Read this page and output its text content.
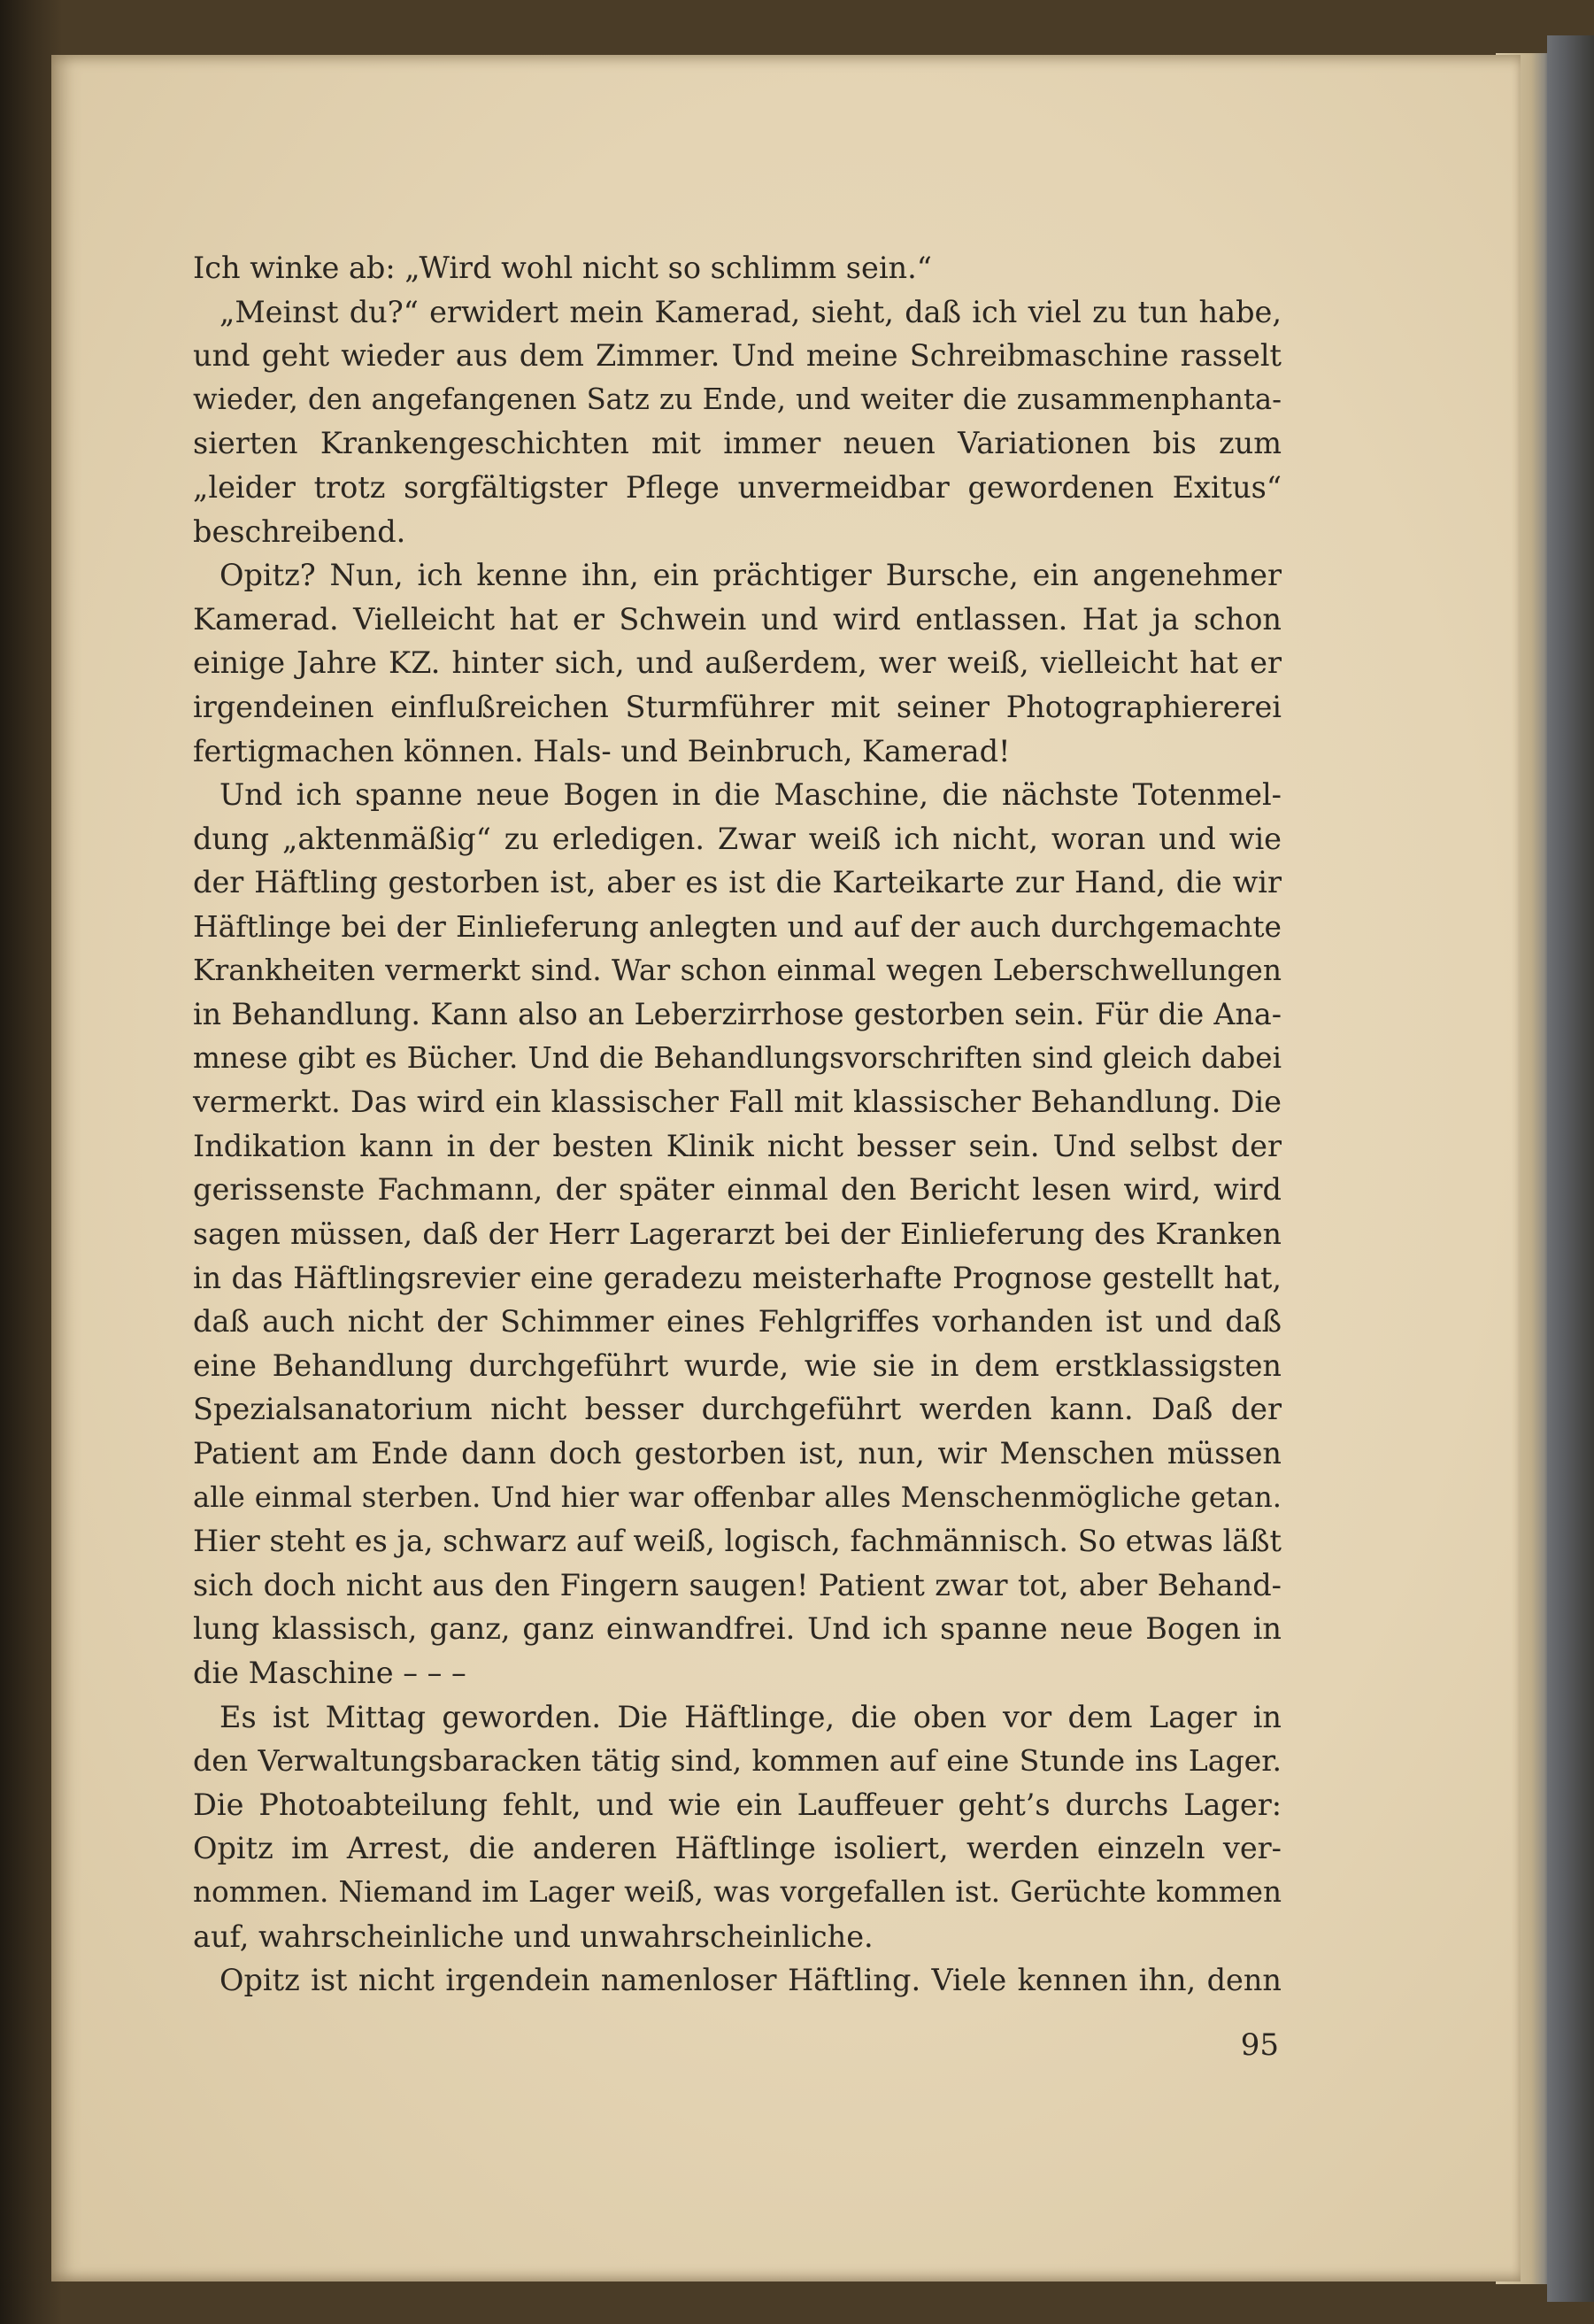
Ich winke ab: „Wird wohl nicht so schlimm sein.“
„Meinst du?“ erwidert mein Kamerad, sieht, daß ich viel zu tun habe,
und geht wieder aus dem Zimmer. Und meine Schreibmaschine rasselt
wieder, den angefangenen Satz zu Ende, und weiter die zusammenphanta-
sierten Krankengeschichten mit immer neuen Variationen bis zum
„leider trotz sorgfältigster Pflege unvermeidbar gewordenen Exitus“
beschreibend.
Opitz? Nun, ich kenne ihn, ein prächtiger Bursche, ein angenehmer
Kamerad. Vielleicht hat er Schwein und wird entlassen. Hat ja schon
einige Jahre KZ. hinter sich, und außerdem, wer weiß, vielleicht hat er
irgendeinen einflußreichen Sturmführer mit seiner Photographiererei
fertigmachen können. Hals- und Beinbruch, Kamerad!
Und ich spanne neue Bogen in die Maschine, die nächste Totenmel-
dung „aktenmäßig“ zu erledigen. Zwar weiß ich nicht, woran und wie
der Häftling gestorben ist, aber es ist die Karteikarte zur Hand, die wir
Häftlinge bei der Einlieferung anlegten und auf der auch durchgemachte
Krankheiten vermerkt sind. War schon einmal wegen Leberschwellungen
in Behandlung. Kann also an Leberzirrhose gestorben sein. Für die Ana-
mnese gibt es Bücher. Und die Behandlungsvorschriften sind gleich dabei
vermerkt. Das wird ein klassischer Fall mit klassischer Behandlung. Die
Indikation kann in der besten Klinik nicht besser sein. Und selbst der
gerissenste Fachmann, der später einmal den Bericht lesen wird, wird
sagen müssen, daß der Herr Lagerarzt bei der Einlieferung des Kranken
in das Häftlingsrevier eine geradezu meisterhafte Prognose gestellt hat,
daß auch nicht der Schimmer eines Fehlgriffes vorhanden ist und daß
eine Behandlung durchgeführt wurde, wie sie in dem erstklassigsten
Spezialsanatorium nicht besser durchgeführt werden kann. Daß der
Patient am Ende dann doch gestorben ist, nun, wir Menschen müssen
alle einmal sterben. Und hier war offenbar alles Menschenmögliche getan.
Hier steht es ja, schwarz auf weiß, logisch, fachmännisch. So etwas läßt
sich doch nicht aus den Fingern saugen! Patient zwar tot, aber Behand-
lung klassisch, ganz, ganz einwandfrei. Und ich spanne neue Bogen in
die Maschine – – –
Es ist Mittag geworden. Die Häftlinge, die oben vor dem Lager in
den Verwaltungsbaracken tätig sind, kommen auf eine Stunde ins Lager.
Die Photoabteilung fehlt, und wie ein Lauffeuer geht’s durchs Lager:
Opitz im Arrest, die anderen Häftlinge isoliert, werden einzeln ver-
nommen. Niemand im Lager weiß, was vorgefallen ist. Gerüchte kommen
auf, wahrscheinliche und unwahrscheinliche.
Opitz ist nicht irgendein namenloser Häftling. Viele kennen ihn, denn
95
